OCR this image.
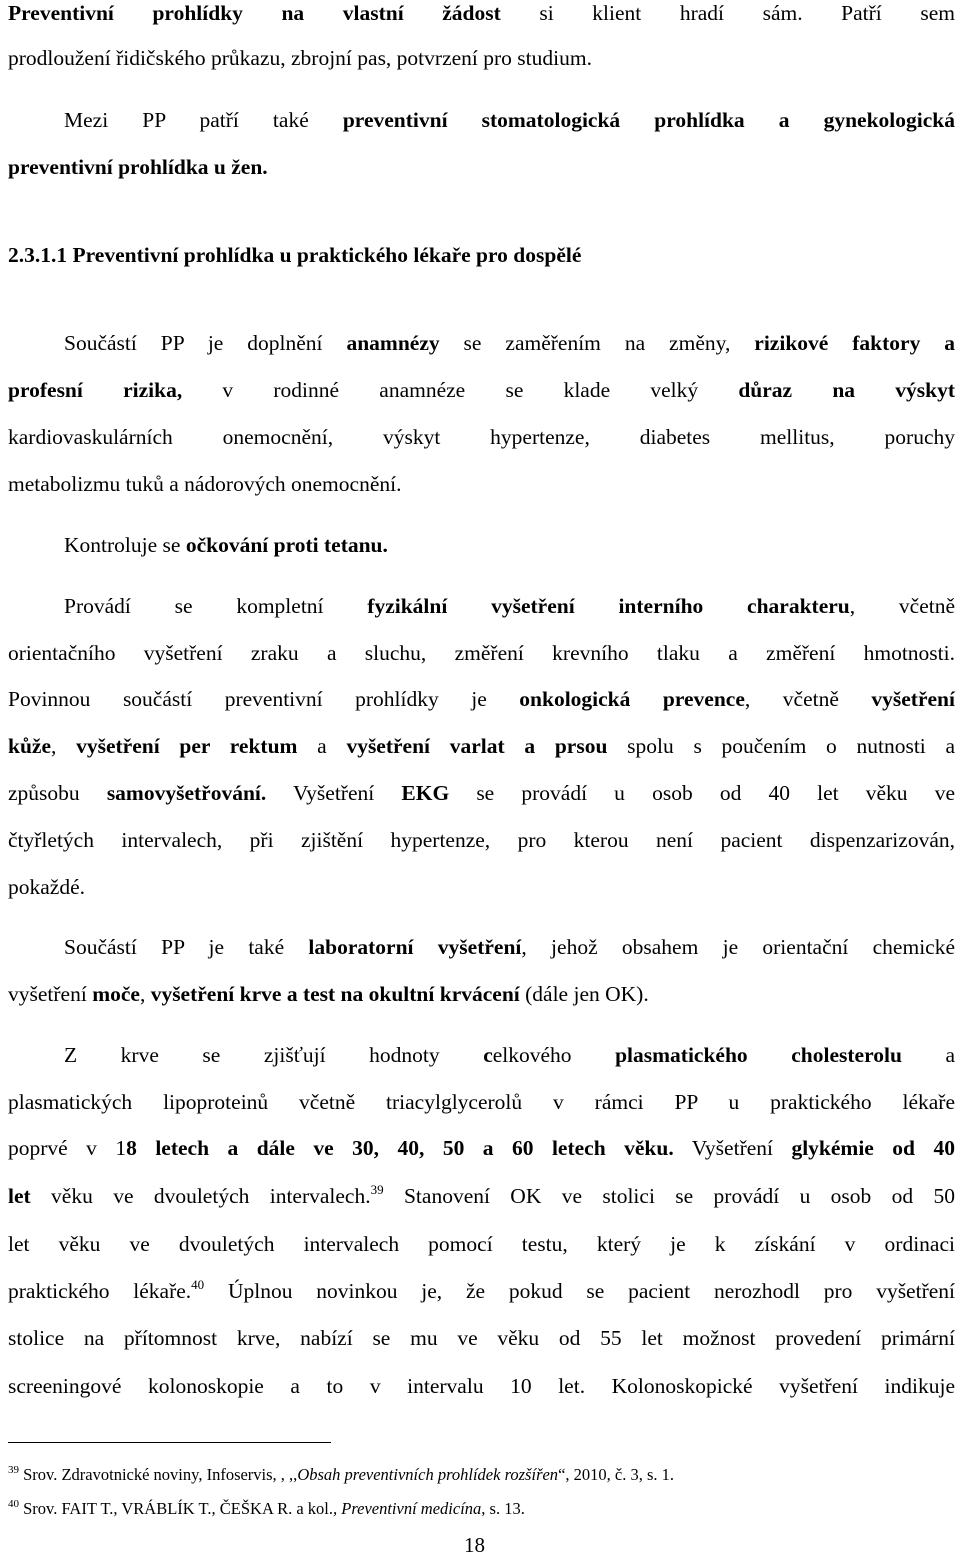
Preventivní prohlídky na vlastní žádost si klient hradí sám. Patří sem
prodloužení řidičského průkazu, zbrojní pas, potvrzení pro studium.
Mezi PP patří také preventivní stomatologická prohlídka a gynekologická
preventivní prohlídka u žen.
2.3.1.1 Preventivní prohlídka u praktického lékaře pro dospělé
Součástí PP je doplnění anamnézy se zaměřením na změny, rizikové faktory a
profesní rizika, v rodinné anamnéze se klade velký důraz na výskyt
kardiovaskulárních onemocnění, výskyt hypertenze, diabetes mellitus, poruchy
metabolizmu tuků a nádorových onemocnění.
Kontroluje se očkování proti tetanu.
Provádí se kompletní fyzikální vyšetření interního charakteru, včetně
orientačního vyšetření zraku a sluchu, změření krevního tlaku a změření hmotnosti.
Povinnou součástí preventivní prohlídky je onkologická prevence, včetně vyšetření
kůže, vyšetření per rektum a vyšetření varlat a prsou spolu s poučením o nutnosti a
způsobu samovyšetřování. Vyšetření EKG se provádí u osob od 40 let věku ve
čtyřletých intervalech, při zjištění hypertenze, pro kterou není pacient dispenzarizován,
pokaždé.
Součástí PP je také laboratorní vyšetření, jehož obsahem je orientační chemické
vyšetření moče, vyšetření krve a test na okultní krvácení (dále jen OK).
Z krve se zjišťují hodnoty celkového plasmatického cholesterolu a
plasmatických lipoproteinů včetně triacylglycerolů v rámci PP u praktického lékaře
poprvé v 18 letech a dále ve 30, 40, 50 a 60 letech věku. Vyšetření glykémie od 40
let věku ve dvouletých intervalech.$^{39}$ Stanovení OK ve stolici se provádí u osob od 50
let věku ve dvouletých intervalech pomocí testu, který je k získání v ordinaci
praktického lékaře.$^{40}$ Úplnou novinkou je, že pokud se pacient nerozhodl pro vyšetření
stolice na přítomnost krve, nabízí se mu ve věku od 55 let možnost provedení primární
screeningové kolonoskopie a to v intervalu 10 let. Kolonoskopické vyšetření indikuje
$^{39}$ Srov. Zdravotnické noviny, Infoservis, , ,,Obsah preventivních prohlídek rozšířen“, 2010, č. 3, s. 1.
$^{40}$ Srov. FAIT T., VRÁBLÍK T., ČEŠKA R. a kol., Preventivní medicína, s. 13.
18
